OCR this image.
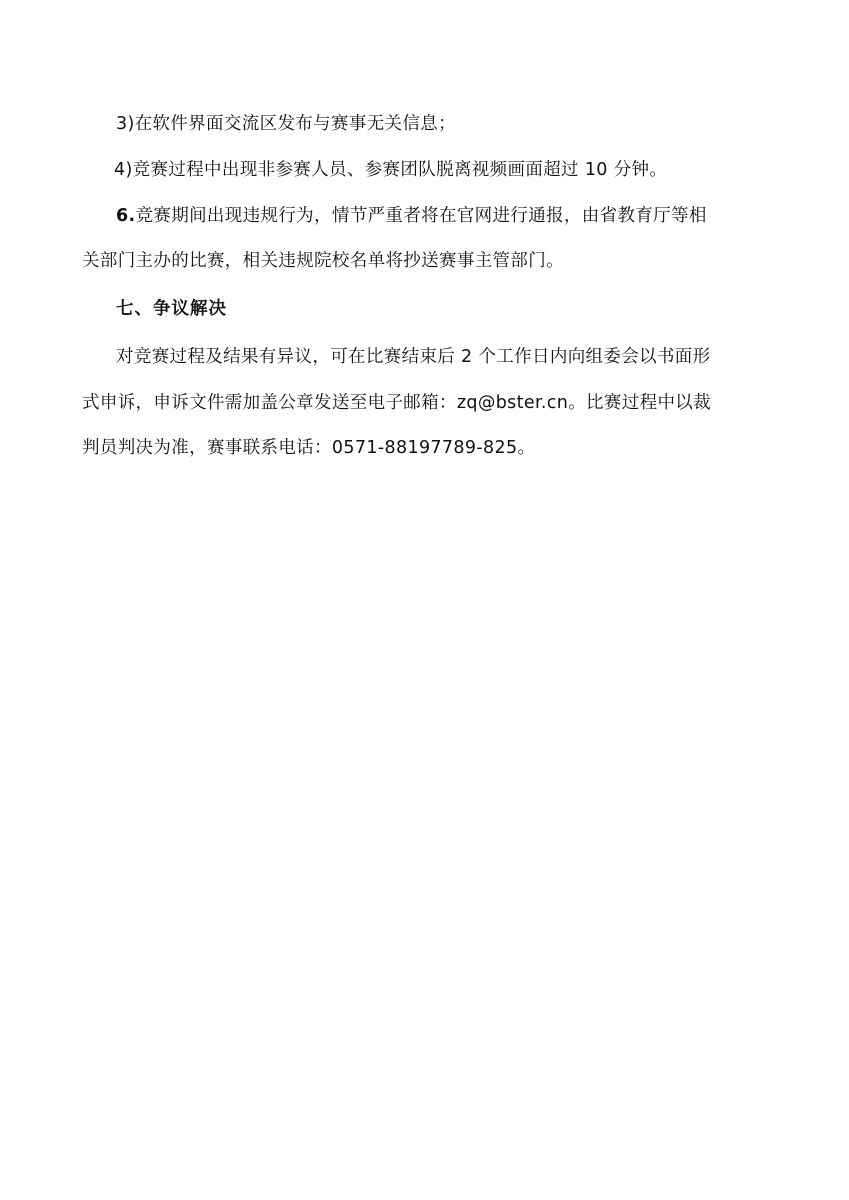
3)在软件界面交流区发布与赛事无关信息；
4)竞赛过程中出现非参赛人员、参赛团队脱离视频画面超过 10 分钟。
6.竞赛期间出现违规行为，情节严重者将在官网进行通报，由省教育厅等相
关部门主办的比赛，相关违规院校名单将抄送赛事主管部门。
七、争议解决
对竞赛过程及结果有异议，可在比赛结束后 2 个工作日内向组委会以书面形
式申诉，申诉文件需加盖公章发送至电子邮箱：zq@bster.cn。比赛过程中以裁
判员判决为准，赛事联系电话：0571-88197789-825。
